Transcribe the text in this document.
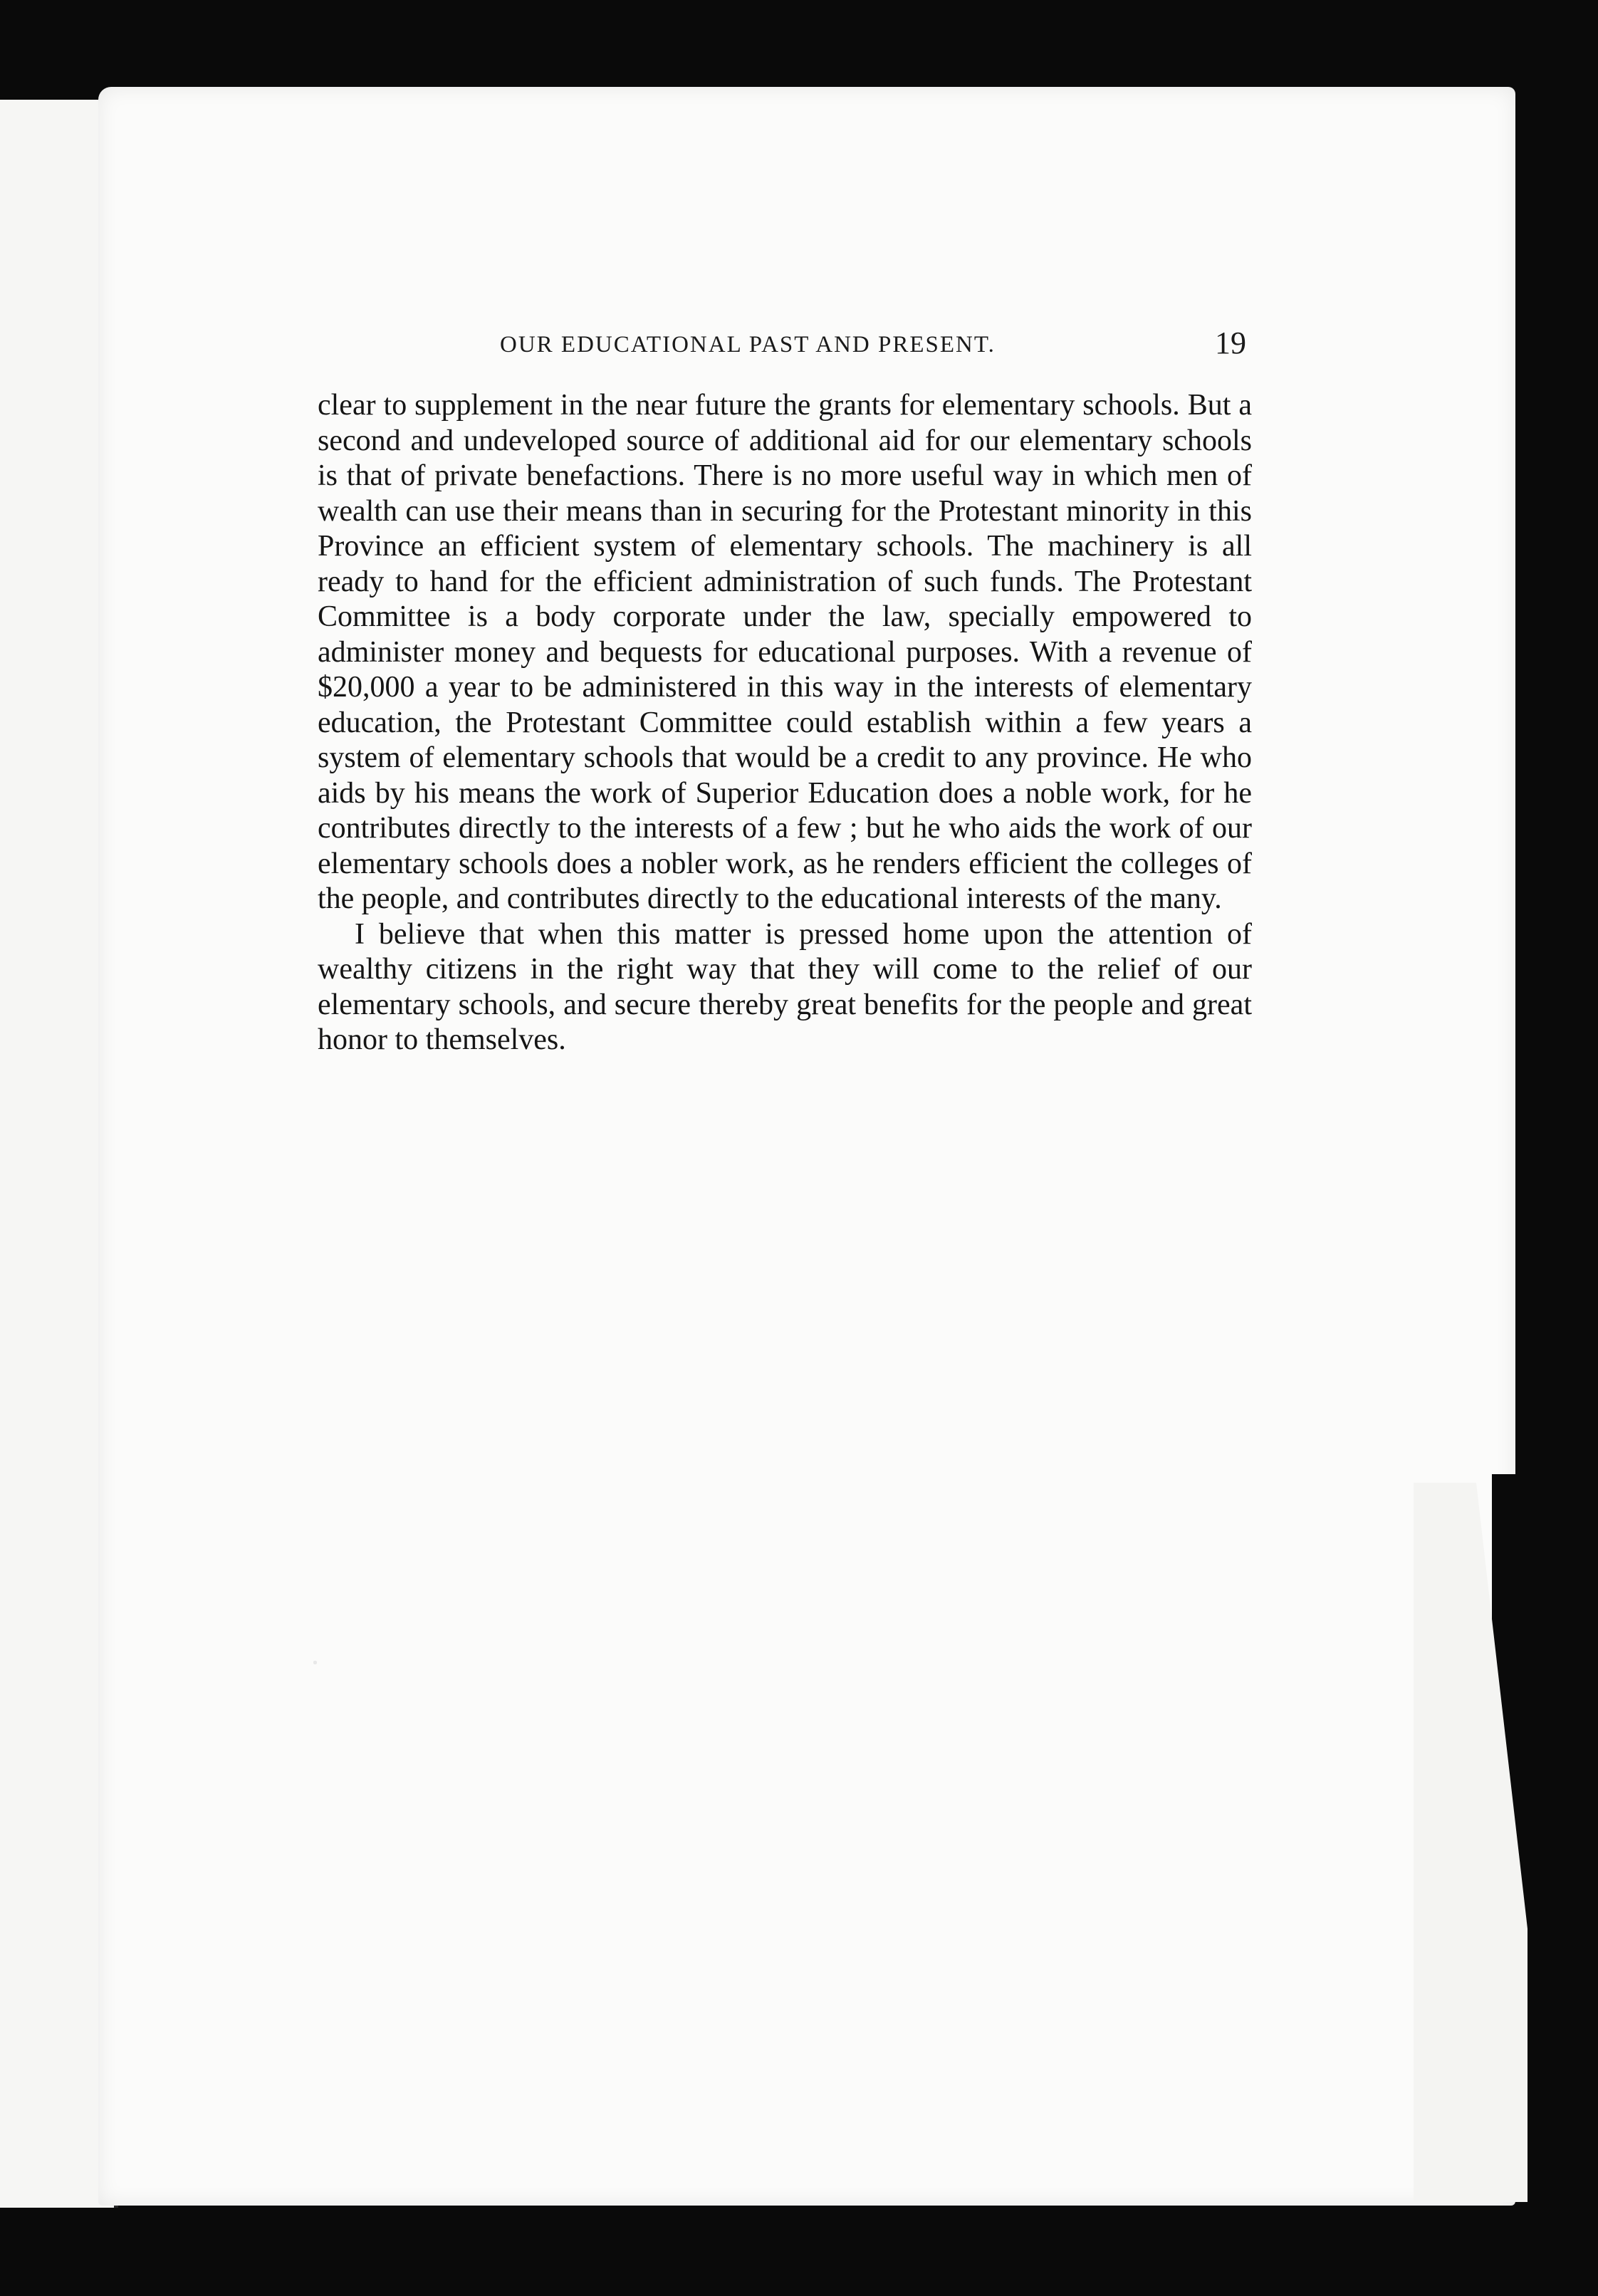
OUR EDUCATIONAL PAST AND PRESENT.	19

clear to supplement in the near future the grants for elementary schools. But a second and undeveloped source of additional aid for our elementary schools is that of private benefactions. There is no more useful way in which men of wealth can use their means than in securing for the Protestant minority in this Province an efficient system of elementary schools. The machinery is all ready to hand for the efficient administration of such funds. The Protestant Committee is a body corporate under the law, specially empowered to administer money and bequests for educational purposes. With a revenue of $20,000 a year to be administered in this way in the interests of elementary education, the Protestant Committee could establish within a few years a system of elementary schools that would be a credit to any province. He who aids by his means the work of Superior Education does a noble work, for he contributes directly to the interests of a few ; but he who aids the work of our elementary schools does a nobler work, as he renders efficient the colleges of the people, and contributes directly to the educational interests of the many.

I believe that when this matter is pressed home upon the attention of wealthy citizens in the right way that they will come to the relief of our elementary schools, and secure thereby great benefits for the people and great honor to themselves.
